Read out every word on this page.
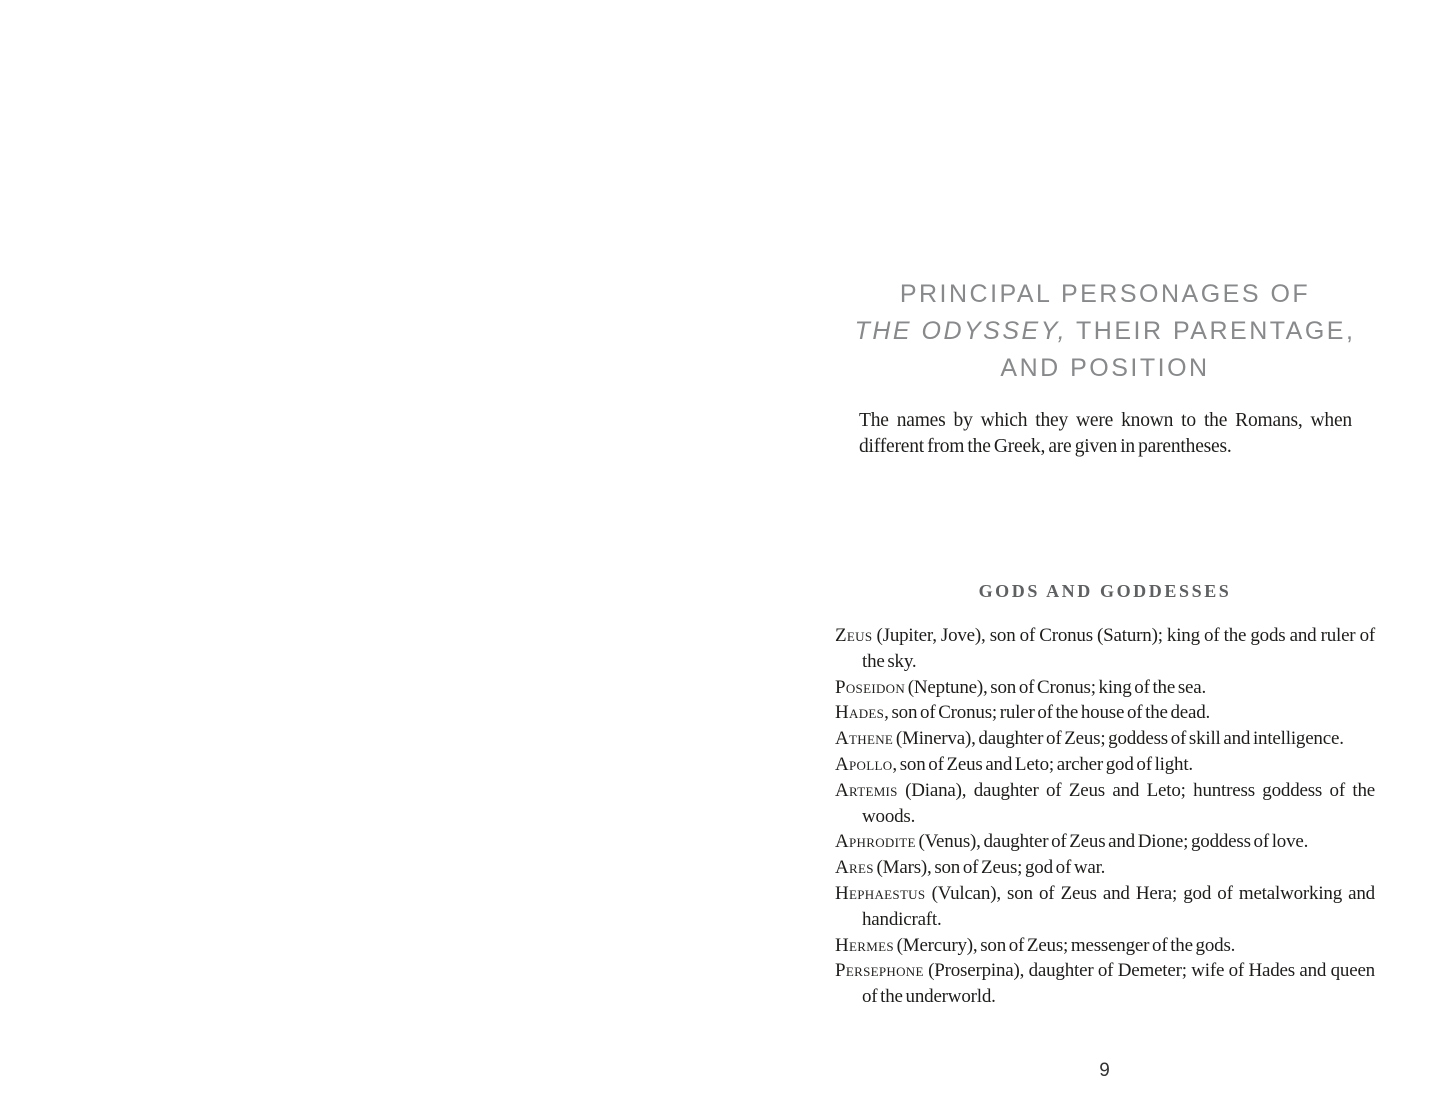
PRINCIPAL PERSONAGES OF
THE ODYSSEY, THEIR PARENTAGE,
AND POSITION

The names by which they were known to the Romans, when different from the Greek, are given in parentheses.

GODS AND GODDESSES

Zeus (Jupiter, Jove), son of Cronus (Saturn); king of the gods and ruler of the sky.

Poseidon (Neptune), son of Cronus; king of the sea.

Hades, son of Cronus; ruler of the house of the dead.

Athene (Minerva), daughter of Zeus; goddess of skill and intelligence.

Apollo, son of Zeus and Leto; archer god of light.

Artemis (Diana), daughter of Zeus and Leto; huntress goddess of the woods.

Aphrodite (Venus), daughter of Zeus and Dione; goddess of love.

Ares (Mars), son of Zeus; god of war.

Hephaestus (Vulcan), son of Zeus and Hera; god of metalworking and handicraft.

Hermes (Mercury), son of Zeus; messenger of the gods.

Persephone (Proserpina), daughter of Demeter; wife of Hades and queen of the underworld.

9
